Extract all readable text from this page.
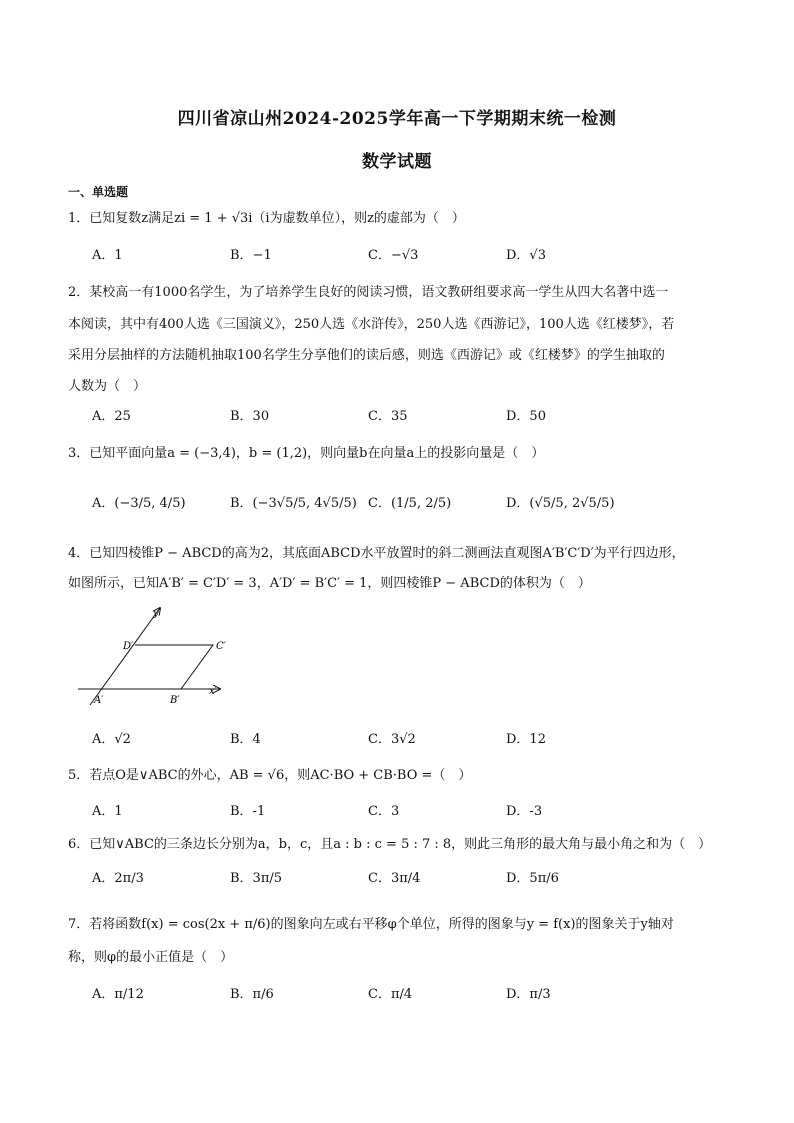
四川省凉山州2024-2025学年高一下学期期末统一检测
数学试题
一、单选题
1．已知复数z满足zi = 1 + √3i（i为虚数单位），则z的虚部为（　）
A．1	B．−1	C．−√3	D．√3
2．某校高一有1000名学生，为了培养学生良好的阅读习惯，语文教研组要求高一学生从四大名著中选一
本阅读，其中有400人选《三国演义》，250人选《水浒传》，250人选《西游记》，100人选《红楼梦》，若
采用分层抽样的方法随机抽取100名学生分享他们的读后感，则选《西游记》或《红楼梦》的学生抽取的
人数为（　）
A．25	B．30	C．35	D．50
3．已知平面向量a = (−3,4)，b = (1,2)，则向量b在向量a上的投影向量是（　）
A．(−3/5, 4/5)	B．(−3√5/5, 4√5/5) C．(1/5, 2/5)	D．(√5/5, 2√5/5)
4．已知四棱锥P − ABCD的高为2，其底面ABCD水平放置时的斜二测画法直观图A′B′C′D′为平行四边形，
如图所示，已知A′B′ = C′D′ = 3，A′D′ = B′C′ = 1，则四棱锥P − ABCD的体积为（　）
y′
x′
D′	C′
A′	B′
A．√2	B．4	C．3√2	D．12
5．若点O是∨ABC的外心，AB = √6，则AC·BO + CB·BO =（　）
A．1	B．-1	C．3	D．-3
6．已知∨ABC的三条边长分别为a，b，c，且a : b : c = 5 : 7 : 8，则此三角形的最大角与最小角之和为（　）
A．2π/3	B．3π/5	C．3π/4	D．5π/6
7．若将函数f(x) = cos(2x + π/6)的图象向左或右平移φ个单位，所得的图象与y = f(x)的图象关于y轴对
称，则φ的最小正值是（　）
A．π/12	B．π/6	C．π/4	D．π/3
